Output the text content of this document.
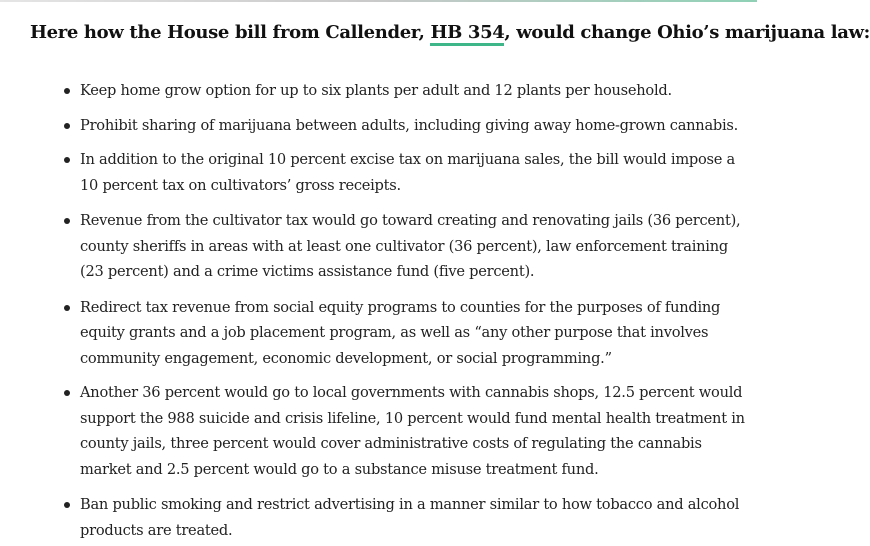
Here how the House bill from Callender, HB 354, would change Ohio’s marijuana law:
Keep home grow option for up to six plants per adult and 12 plants per household.
Prohibit sharing of marijuana between adults, including giving away home-grown cannabis.
In addition to the original 10 percent excise tax on marijuana sales, the bill would impose a 10 percent tax on cultivators’ gross receipts.
Revenue from the cultivator tax would go toward creating and renovating jails (36 percent), county sheriffs in areas with at least one cultivator (36 percent), law enforcement training (23 percent) and a crime victims assistance fund (five percent).
Redirect tax revenue from social equity programs to counties for the purposes of funding equity grants and a job placement program, as well as “any other purpose that involves community engagement, economic development, or social programming.”
Another 36 percent would go to local governments with cannabis shops, 12.5 percent would support the 988 suicide and crisis lifeline, 10 percent would fund mental health treatment in county jails, three percent would cover administrative costs of regulating the cannabis market and 2.5 percent would go to a substance misuse treatment fund.
Ban public smoking and restrict advertising in a manner similar to how tobacco and alcohol products are treated.
